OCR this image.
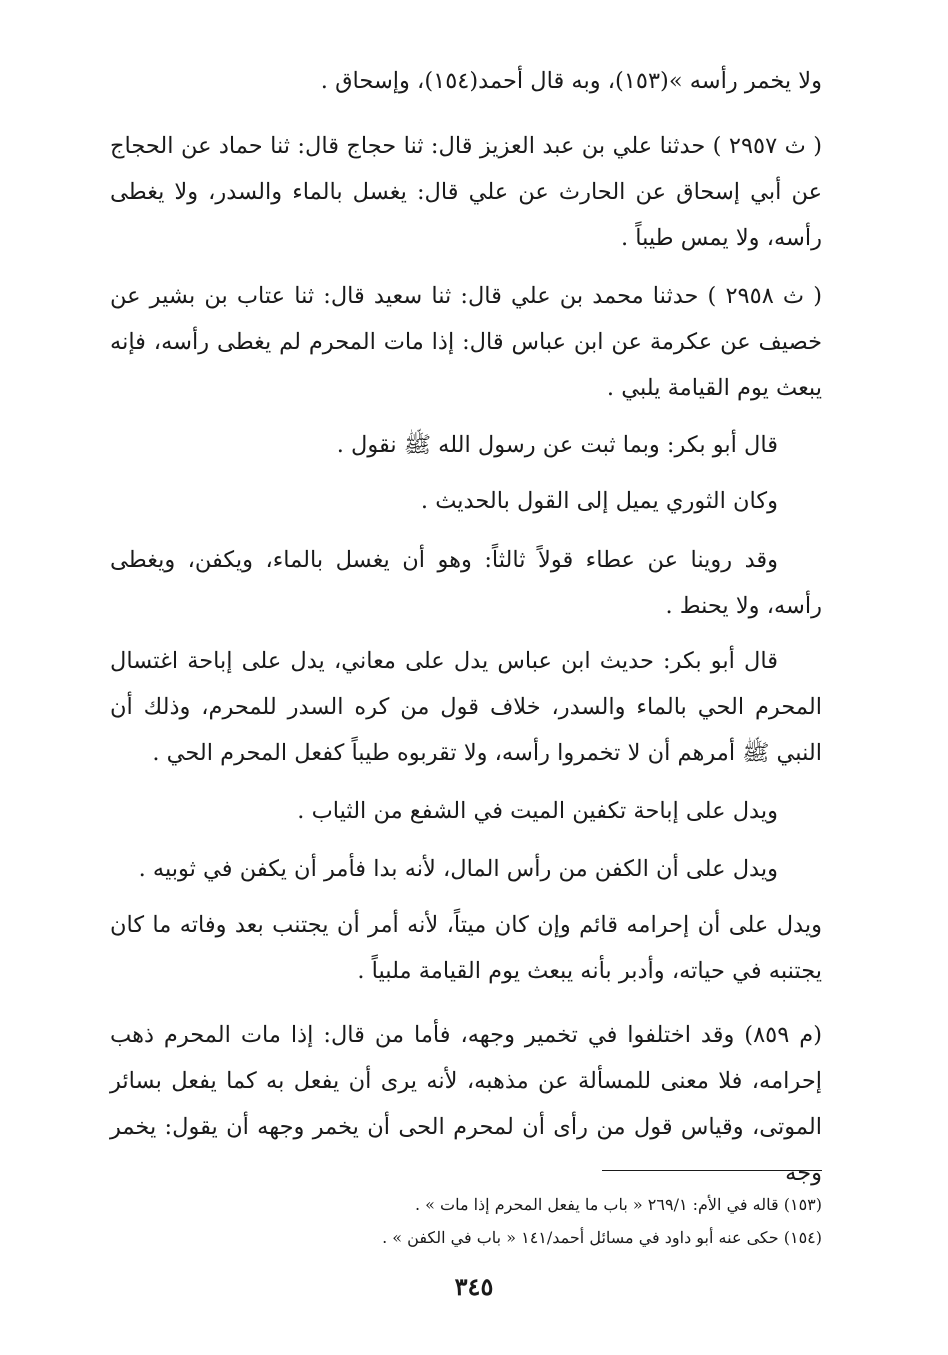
ولا يخمر رأسه »(١٥٣)، وبه قال أحمد(١٥٤)، وإسحاق .

( ث ٢٩٥٧ ) حدثنا علي بن عبد العزيز قال: ثنا حجاج قال: ثنا حماد عن الحجاج عن أبي إسحاق عن الحارث عن علي قال: يغسل بالماء والسدر، ولا يغطى رأسه، ولا يمس طيباً .

( ث ٢٩٥٨ ) حدثنا محمد بن علي قال: ثنا سعيد قال: ثنا عتاب بن بشير عن خصيف عن عكرمة عن ابن عباس قال: إذا مات المحرم لم يغطى رأسه، فإنه يبعث يوم القيامة يلبي .

قال أبو بكر: وبما ثبت عن رسول الله ﷺ نقول .

وكان الثوري يميل إلى القول بالحديث .

وقد روينا عن عطاء قولاً ثالثاً: وهو أن يغسل بالماء، ويكفن، ويغطى رأسه، ولا يحنط .

قال أبو بكر: حديث ابن عباس يدل على معاني، يدل على إباحة اغتسال المحرم الحي بالماء والسدر، خلاف قول من كره السدر للمحرم، وذلك أن النبي ﷺ أمرهم أن لا تخمروا رأسه، ولا تقربوه طيباً كفعل المحرم الحي .

ويدل على إباحة تكفين الميت في الشفع من الثياب .

ويدل على أن الكفن من رأس المال، لأنه بدا فأمر أن يكفن في ثوبيه .

ويدل على أن إحرامه قائم وإن كان ميتاً، لأنه أمر أن يجتنب بعد وفاته ما كان يجتنبه في حياته، وأدبر بأنه يبعث يوم القيامة ملبياً .

(م ٨٥٩) وقد اختلفوا في تخمير وجهه، فأما من قال: إذا مات المحرم ذهب إحرامه، فلا معنى للمسألة عن مذهبه، لأنه يرى أن يفعل به كما يفعل بسائر الموتى، وقياس قول من رأى أن لمحرم الحى أن يخمر وجهه أن يقول: يخمر وجه

(١٥٣) قاله في الأم: ٢٦٩/١ « باب ما يفعل المحرم إذا مات » .

(١٥٤) حكى عنه أبو داود في مسائل أحمد/١٤١ « باب في الكفن » .

٣٤٥
